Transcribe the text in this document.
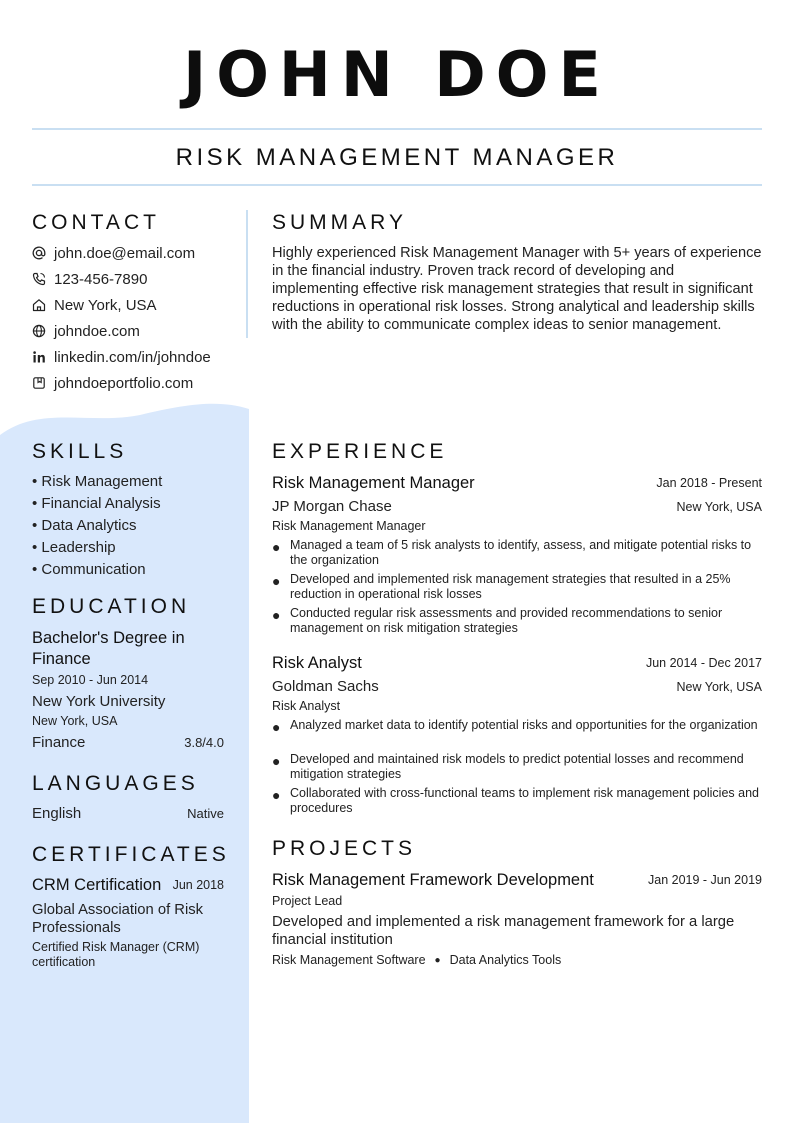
JOHN DOE
RISK MANAGEMENT MANAGER
CONTACT
john.doe@email.com
123-456-7890
New York, USA
johndoe.com
linkedin.com/in/johndoe
johndoeportfolio.com
SKILLS
• Risk Management
• Financial Analysis
• Data Analytics
• Leadership
• Communication
EDUCATION
Bachelor's Degree in Finance
Sep 2010 - Jun 2014
New York University
New York, USA
Finance	3.8/4.0
LANGUAGES
English	Native
CERTIFICATES
CRM Certification Jun 2018
Global Association of Risk Professionals
Certified Risk Manager (CRM) certification
SUMMARY
Highly experienced Risk Management Manager with 5+ years of experience in the financial industry. Proven track record of developing and implementing effective risk management strategies that result in significant reductions in operational risk losses. Strong analytical and leadership skills with the ability to communicate complex ideas to senior management.
EXPERIENCE
Risk Management Manager	Jan 2018 - Present
JP Morgan Chase	New York, USA
Risk Management Manager
● Managed a team of 5 risk analysts to identify, assess, and mitigate potential risks to the organization
● Developed and implemented risk management strategies that resulted in a 25% reduction in operational risk losses
● Conducted regular risk assessments and provided recommendations to senior management on risk mitigation strategies
Risk Analyst	Jun 2014 - Dec 2017
Goldman Sachs	New York, USA
Risk Analyst
● Analyzed market data to identify potential risks and opportunities for the organization
● Developed and maintained risk models to predict potential losses and recommend mitigation strategies
● Collaborated with cross-functional teams to implement risk management policies and procedures
PROJECTS
Risk Management Framework Development	Jan 2019 - Jun 2019
Project Lead
Developed and implemented a risk management framework for a large financial institution
Risk Management Software ● Data Analytics Tools
